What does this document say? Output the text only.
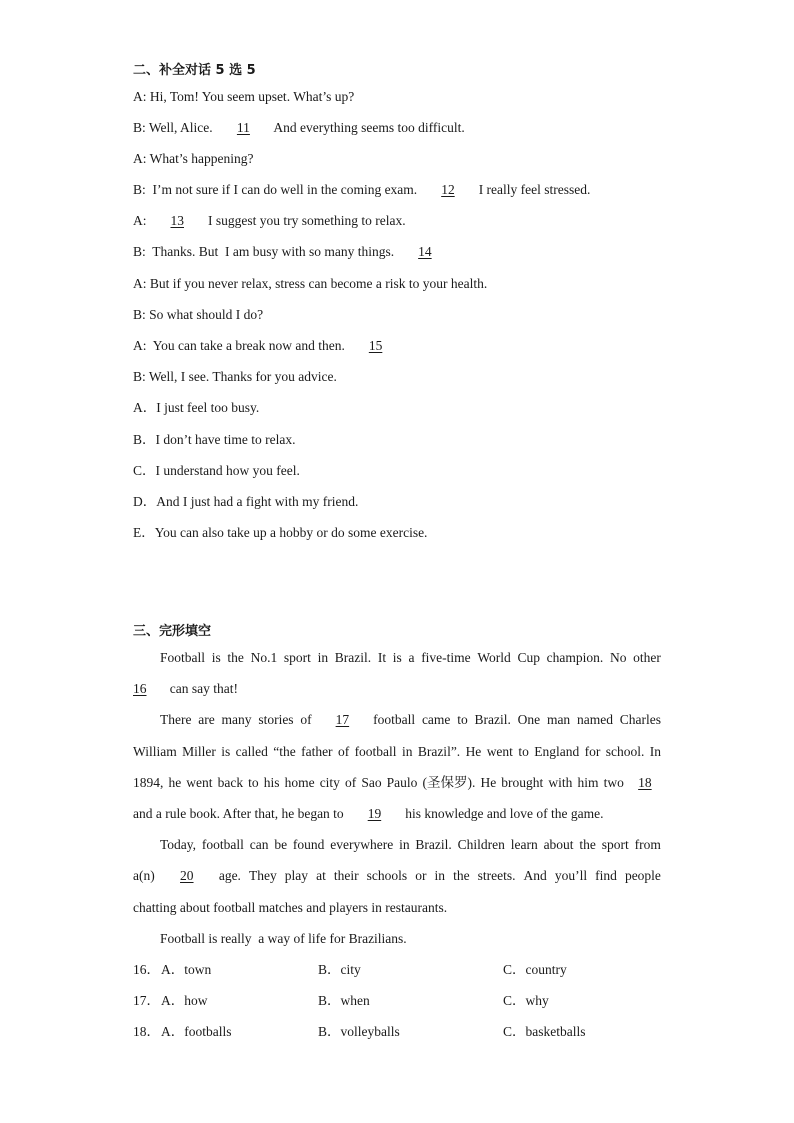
二、补全对话 5 选 5
A: Hi, Tom! You seem upset. What’s up?
B: Well, Alice.  11  And everything seems too difficult.
A: What’s happening?
B:  I’m not sure if I can do well in the coming exam.  12  I really feel stressed.
A:  13  I suggest you try something to relax.
B:  Thanks. But  I am busy with so many things.  14
A: But if you never relax, stress can become a risk to your health.
B: So what should I do?
A:  You can take a break now and then.  15
B: Well, I see. Thanks for you advice.
A．I just feel too busy.
B．I don’t have time to relax.
C．I understand how you feel.
D．And I just had a fight with my friend.
E．You can also take up a hobby or do some exercise.
三、完形填空
Football is the No.1 sport in Brazil. It is a five-time World Cup champion. No other
16  can say that!
There are many stories of	17	football came to Brazil. One man named Charles
William Miller is called “the father of football in Brazil”. He went to England for school. In
1894, he went back to his home city of Sao Paulo (圣保罗). He brought with him two	18
and a rule book. After that, he began to  19  his knowledge and love of the game.
Today, football can be found everywhere in Brazil. Children learn about the sport from
a(n)	20	age. They play at their schools or in the streets. And you’ll find people
chatting about football matches and players in restaurants.
Football is really  a way of life for Brazilians.
16． A．town	B．city	C．country
17． A．how	B．when	C．why
18． A．footballs	B．volleyballs	C．basketballs
